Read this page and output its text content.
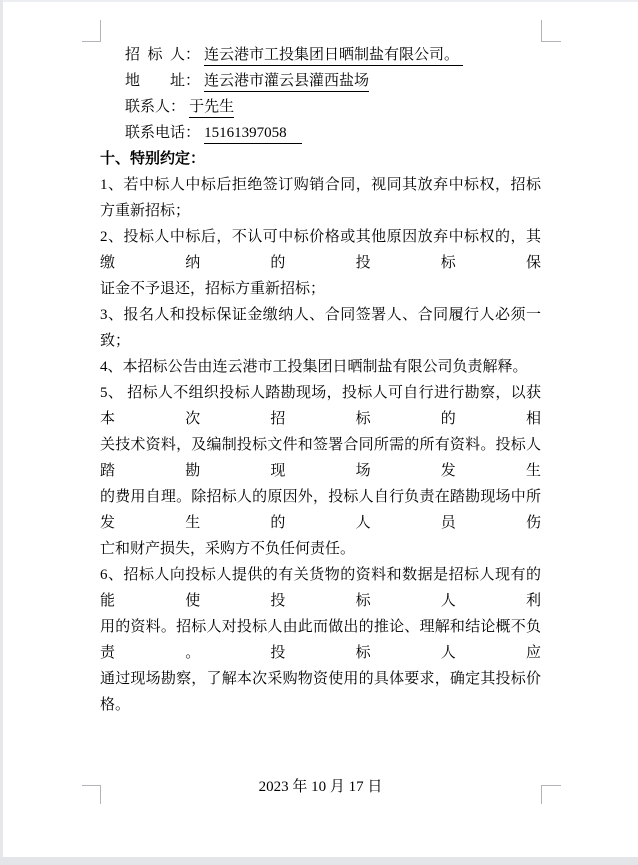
招 标 人 ： 连云港市工投集团日晒制盐有限公司。
地 址 ： 连云港市灌云县灌西盐场
联 系 人 ： 于先生
联 系 电 话 ： 15161397058
十、特别约定：
1、若中标人中标后拒绝签订购销合同，视同其放弃中标权，招标方重新招标；
2、投标人中标后，不认可中标价格或其他原因放弃中标权的，其缴纳的投标保
证金不予退还，招标方重新招标；
3、报名人和投标保证金缴纳人、合同签署人、合同履行人必须一致；
4、本招标公告由连云港市工投集团日晒制盐有限公司负责解释。
5、 招标人不组织投标人踏勘现场，投标人可自行进行勘察，以获本次招标的相
关技术资料，及编制投标文件和签署合同所需的所有资料。投标人踏勘现场发生
的费用自理。除招标人的原因外，投标人自行负责在踏勘现场中所发生的人员伤
亡和财产损失，采购方不负任何责任。
6、招标人向投标人提供的有关货物的资料和数据是招标人现有的能使投标人利
用的资料。招标人对投标人由此而做出的推论、理解和结论概不负责。投标人应
通过现场勘察，了解本次采购物资使用的具体要求，确定其投标价格。
2023 年 10 月 17 日
